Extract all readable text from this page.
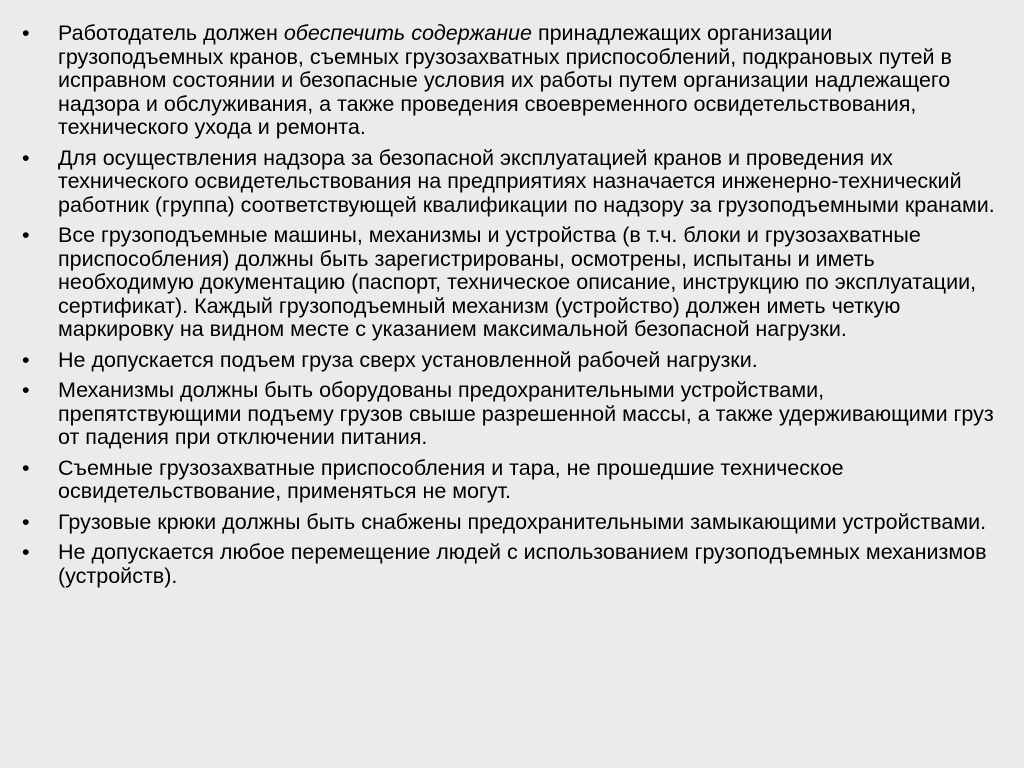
•	Работодатель должен обеспечить содержание принадлежащих организации грузоподъемных кранов, съемных грузозахватных приспособлений, подкрановых путей в исправном состоянии и безопасные условия их работы путем организации надлежащего надзора и обслуживания, а также проведения своевременного освидетельствования, технического ухода и ремонта.
•	Для осуществления надзора за безопасной эксплуатацией кранов и проведения их технического освидетельствования на предприятиях назначается инженерно-технический работник (группа) соответствующей квалификации по надзору за грузоподъемными кранами.
•	Все грузоподъемные машины, механизмы и устройства (в т.ч. блоки и грузозахватные приспособления) должны быть зарегистрированы, осмотрены, испытаны и иметь необходимую документацию (паспорт, техническое описание, инструкцию по эксплуатации, сертификат). Каждый грузоподъемный механизм (устройство) должен иметь четкую маркировку на видном месте с указанием максимальной безопасной нагрузки.
•	Не допускается подъем груза сверх установленной рабочей нагрузки.
•	Механизмы должны быть оборудованы предохранительными устройствами, препятствующими подъему грузов свыше разрешенной массы, а также удерживающими груз от падения при отключении питания.
•	Съемные грузозахватные приспособления и тара, не прошедшие техническое освидетельствование, применяться не могут.
•	Грузовые крюки должны быть снабжены предохранительными замыкающими устройствами.
•	Не допускается любое перемещение людей с использованием грузоподъемных механизмов (устройств).
